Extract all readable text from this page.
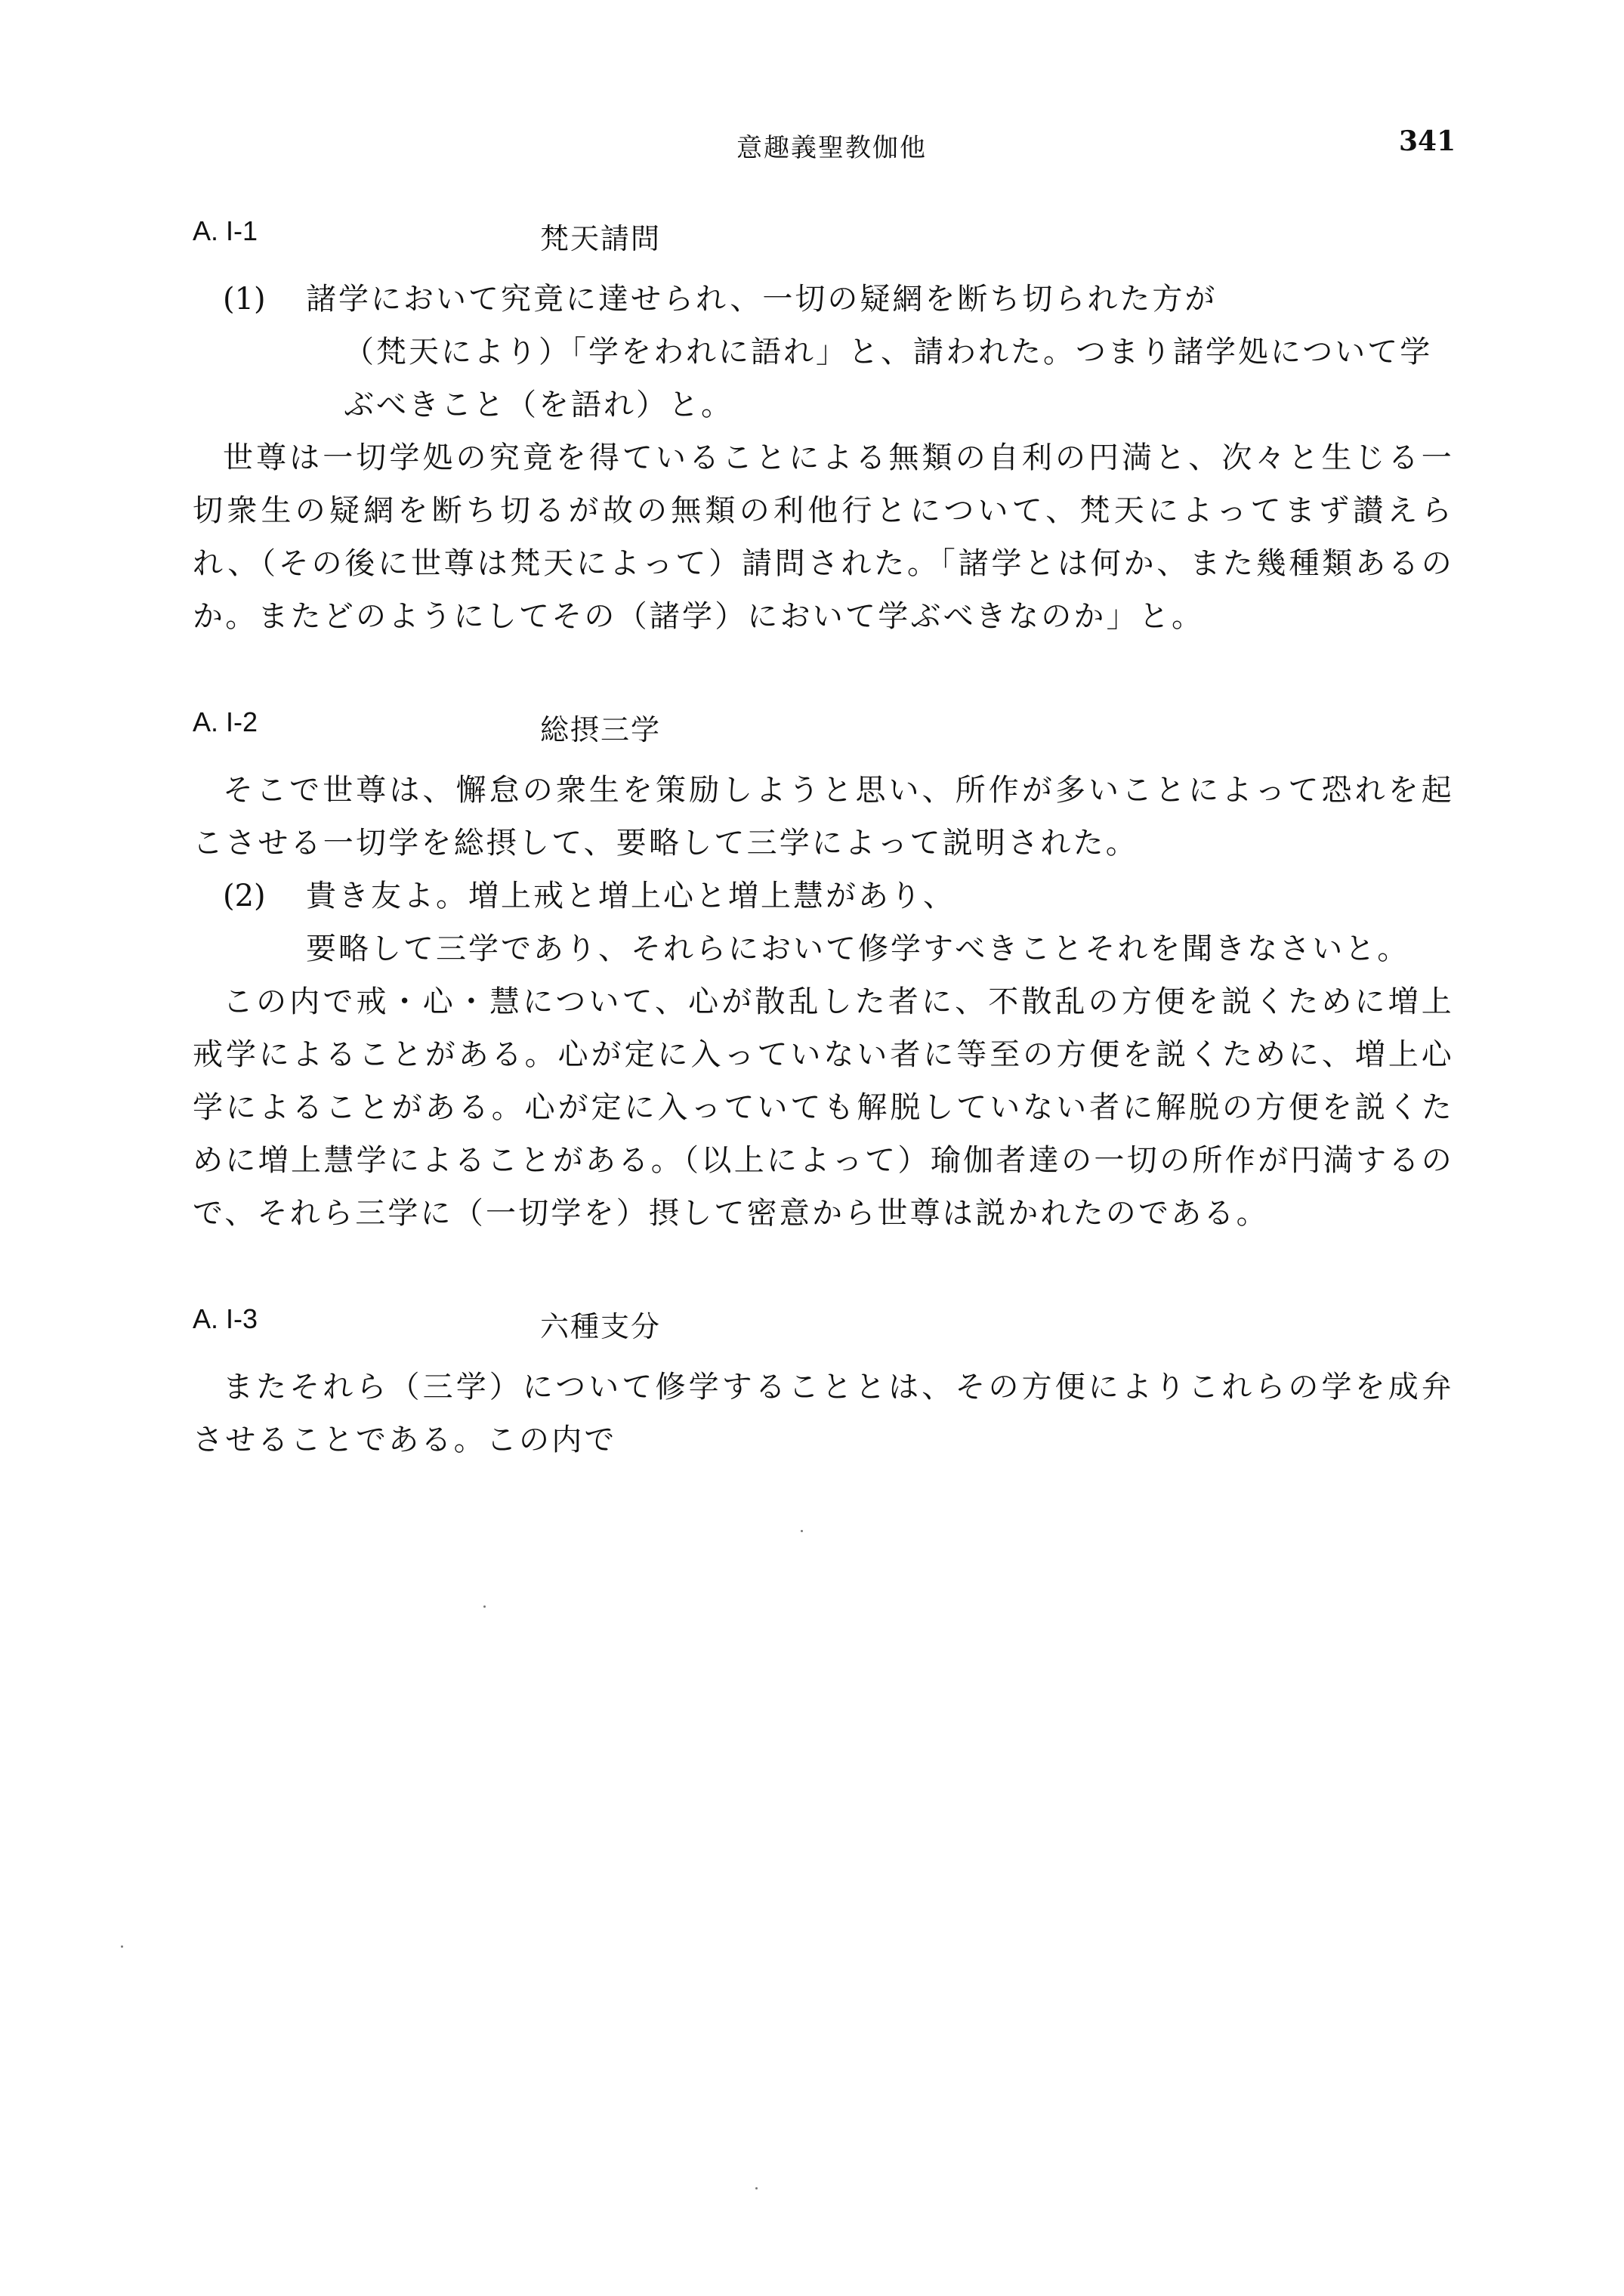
意趣義聖教伽他	341
A. I-1	梵天請問
(1) 諸学において究竟に達せられ、一切の疑網を断ち切られた方が
（梵天により）「学をわれに語れ」と、請われた。つまり諸学処について学
ぶべきこと（を語れ）と。

世尊は一切学処の究竟を得ていることによる無類の自利の円満と、次々と生じる一切衆生の疑網を断ち切るが故の無類の利他行とについて、梵天によってまず讃えられ、（その後に世尊は梵天によって）請問された。「諸学とは何か、また幾種類あるのか。またどのようにしてその（諸学）において学ぶべきなのか」と。

A. I-2	総摂三学

そこで世尊は、懈怠の衆生を策励しようと思い、所作が多いことによって恐れを起こさせる一切学を総摂して、要略して三学によって説明された。

(2) 貴き友よ。増上戒と増上心と増上慧があり、
要略して三学であり、それらにおいて修学すべきことそれを聞きなさいと。

この内で戒・心・慧について、心が散乱した者に、不散乱の方便を説くために増上戒学によることがある。心が定に入っていない者に等至の方便を説くために、増上心学によることがある。心が定に入っていても解脱していない者に解脱の方便を説くために増上慧学によることがある。（以上によって）瑜伽者達の一切の所作が円満するので、それら三学に（一切学を）摂して密意から世尊は説かれたのである。

A. I-3	六種支分

またそれら（三学）について修学することとは、その方便によりこれらの学を成弁させることである。この内で
